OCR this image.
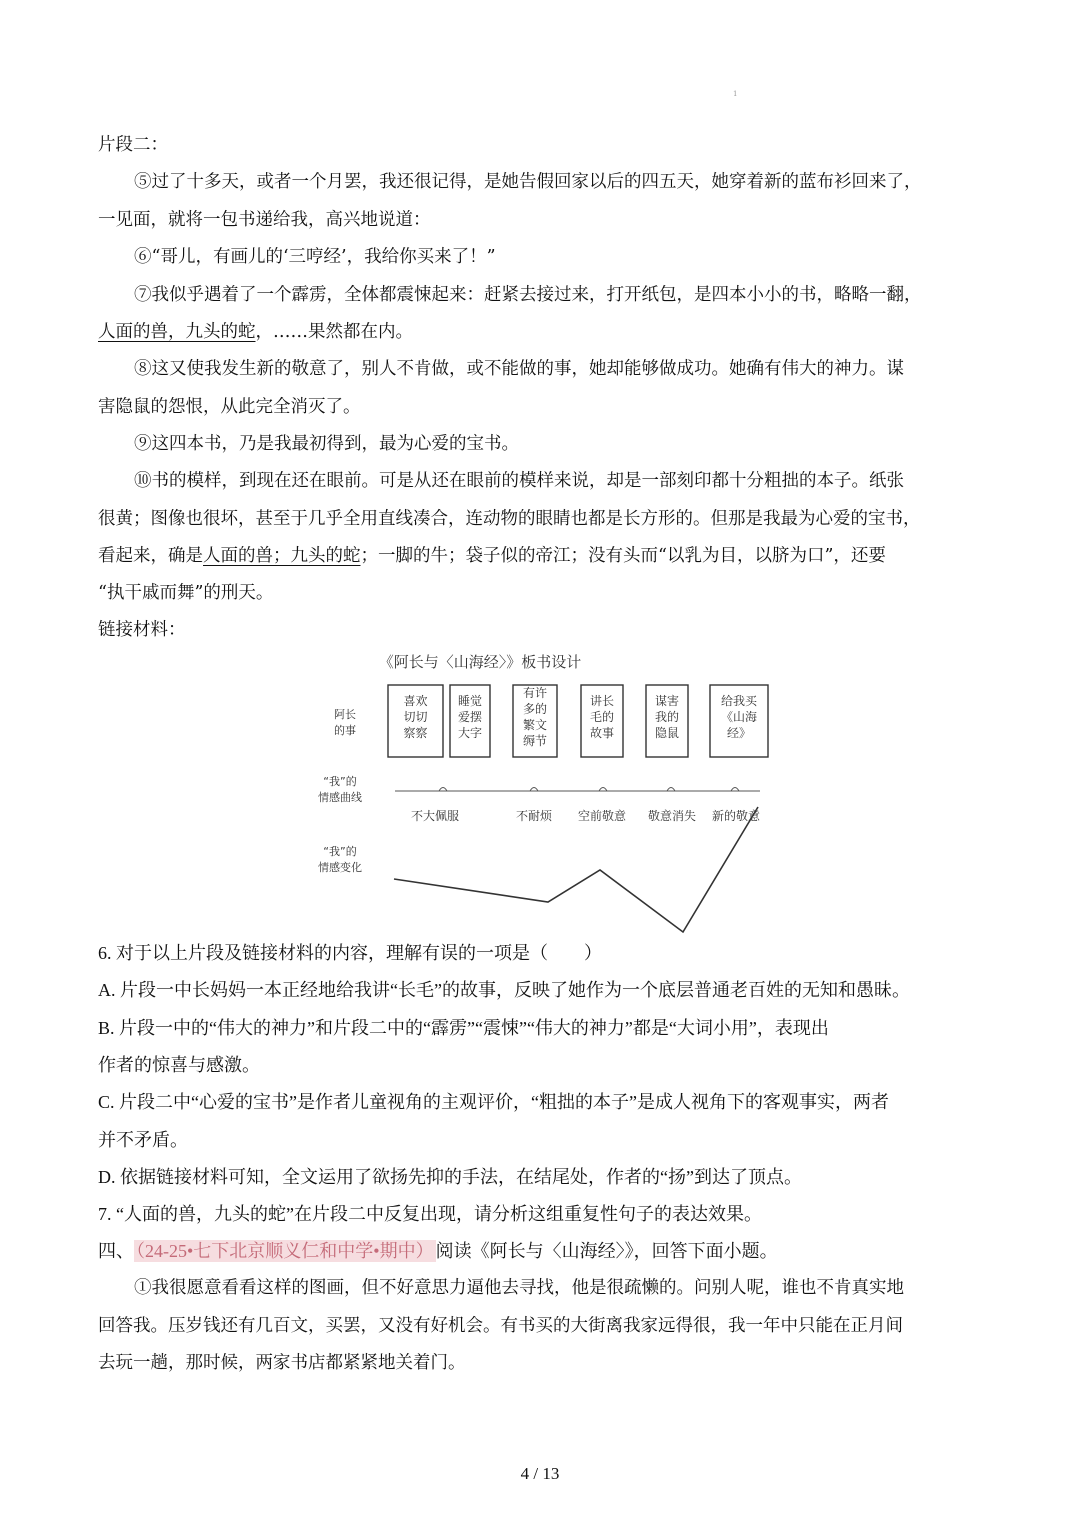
1
片段二：
⑤过了十多天，或者一个月罢，我还很记得，是她告假回家以后的四五天，她穿着新的蓝布衫回来了，
一见面，就将一包书递给我，高兴地说道：
⑥“哥儿，有画儿的‘三哼经’，我给你买来了！”
⑦我似乎遇着了一个霹雳，全体都震悚起来：赶紧去接过来，打开纸包，是四本小小的书，略略一翻，
人面的兽，九头的蛇，……果然都在内。
⑧这又使我发生新的敬意了，别人不肯做，或不能做的事，她却能够做成功。她确有伟大的神力。谋
害隐鼠的怨恨，从此完全消灭了。
⑨这四本书，乃是我最初得到，最为心爱的宝书。
⑩书的模样，到现在还在眼前。可是从还在眼前的模样来说，却是一部刻印都十分粗拙的本子。纸张
很黄；图像也很坏，甚至于几乎全用直线凑合，连动物的眼睛也都是长方形的。但那是我最为心爱的宝书，
看起来，确是人面的兽；九头的蛇；一脚的牛；袋子似的帝江；没有头而“以乳为目，以脐为口”，还要
“执干戚而舞”的刑天。
链接材料：
《阿长与〈山海经〉》板书设计
阿长
的事
喜欢
切切
察察
睡觉
爱摆
大字
有许
多的
繁文
缛节
讲长
毛的
故事
谋害
我的
隐鼠
给我买
《山海
经》
“我”的
情感曲线
不大佩服	不耐烦 空前敬意 敬意消失 新的敬意
“我”的
情感变化
6. 对于以上片段及链接材料的内容，理解有误的一项是（　　）
A. 片段一中长妈妈一本正经地给我讲“长毛”的故事，反映了她作为一个底层普通老百姓的无知和愚昧。
B. 片段一中的“伟大的神力”和片段二中的“霹雳”“震悚”“伟大的神力”都是“大词小用”，表现出
作者的惊喜与感激。
C. 片段二中“心爱的宝书”是作者儿童视角的主观评价，“粗拙的本子”是成人视角下的客观事实，两者
并不矛盾。
D. 依据链接材料可知，全文运用了欲扬先抑的手法，在结尾处，作者的“扬”到达了顶点。
7. “人面的兽，九头的蛇”在片段二中反复出现，请分析这组重复性句子的表达效果。
四、 （24-25•七下北京顺义仁和中学•期中） 阅读《阿长与〈山海经〉》，回答下面小题。
①我很愿意看看这样的图画，但不好意思力逼他去寻找，他是很疏懒的。问别人呢，谁也不肯真实地
回答我。压岁钱还有几百文，买罢，又没有好机会。有书买的大街离我家远得很，我一年中只能在正月间
去玩一趟，那时候，两家书店都紧紧地关着门。
4 / 13
